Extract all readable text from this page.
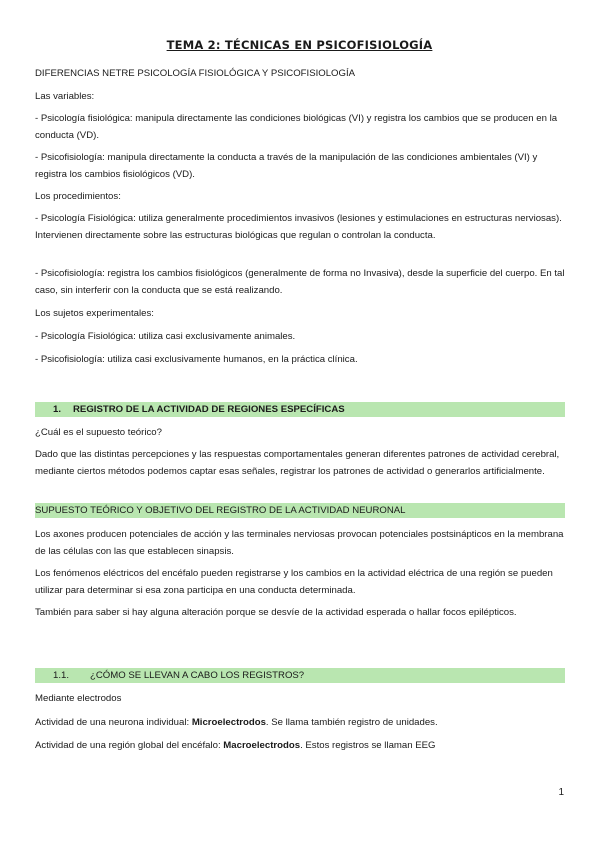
TEMA 2: TÉCNICAS EN PSICOFISIOLOGÍA

DIFERENCIAS NETRE PSICOLOGÍA FISIOLÓGICA Y PSICOFISIOLOGÍA

Las variables:

- Psicología fisiológica: manipula directamente las condiciones biológicas (VI) y registra los cambios que se producen en la conducta (VD).

- Psicofisiología: manipula directamente la conducta a través de la manipulación de las condiciones ambientales (VI) y registra los cambios fisiológicos (VD).

Los procedimientos:

- Psicología Fisiológica: utiliza generalmente procedimientos invasivos (lesiones y estimulaciones en estructuras nerviosas). Intervienen directamente sobre las estructuras biológicas que regulan o controlan la conducta.

- Psicofisiología: registra los cambios fisiológicos (generalmente de forma no Invasiva), desde la superficie del cuerpo. En tal caso, sin interferir con la conducta que se está realizando.

Los sujetos experimentales:

- Psicología Fisiológica: utiliza casi exclusivamente animales.

- Psicofisiología: utiliza casi exclusivamente humanos, en la práctica clínica.

1. REGISTRO DE LA ACTIVIDAD DE REGIONES ESPECÍFICAS

¿Cuál es el supuesto teórico?

Dado que las distintas percepciones y las respuestas comportamentales generan diferentes patrones de actividad cerebral, mediante ciertos métodos podemos captar esas señales, registrar los patrones de actividad o generarlos artificialmente.

SUPUESTO TEÓRICO Y OBJETIVO DEL REGISTRO DE LA ACTIVIDAD NEURONAL

Los axones producen potenciales de acción y las terminales nerviosas provocan potenciales postsinápticos en la membrana de las células con las que establecen sinapsis.

Los fenómenos eléctricos del encéfalo pueden registrarse y los cambios en la actividad eléctrica de una región se pueden utilizar para determinar si esa zona participa en una conducta determinada.

También para saber si hay alguna alteración porque se desvíe de la actividad esperada o hallar focos epilépticos.

1.1. ¿CÓMO SE LLEVAN A CABO LOS REGISTROS?

Mediante electrodos

Actividad de una neurona individual: Microelectrodos. Se llama también registro de unidades.

Actividad de una región global del encéfalo: Macroelectrodos. Estos registros se llaman EEG

1
